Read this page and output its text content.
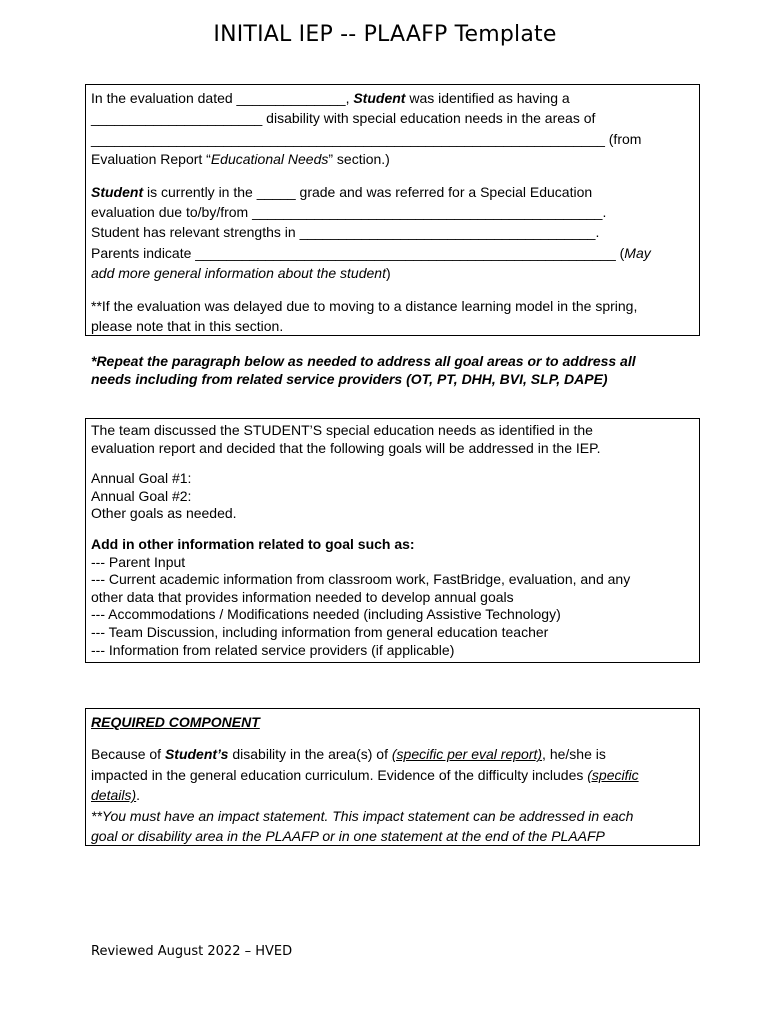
INITIAL IEP -- PLAAFP Template

In the evaluation dated ______________, Student was identified as having a
______________________ disability with special education needs in the areas of
__________________________________________________________________ (from
Evaluation Report “Educational Needs” section.)

Student is currently in the _____ grade and was referred for a Special Education
evaluation due to/by/from _____________________________________________.
Student has relevant strengths in ______________________________________.
Parents indicate ______________________________________________________ (May
add more general information about the student)

**If the evaluation was delayed due to moving to a distance learning model in the spring,
please note that in this section.

*Repeat the paragraph below as needed to address all goal areas or to address all
needs including from related service providers (OT, PT, DHH, BVI, SLP, DAPE)

The team discussed the STUDENT’S special education needs as identified in the
evaluation report and decided that the following goals will be addressed in the IEP.

Annual Goal #1:
Annual Goal #2:
Other goals as needed.

Add in other information related to goal such as:
--- Parent Input
--- Current academic information from classroom work, FastBridge, evaluation, and any
other data that provides information needed to develop annual goals
--- Accommodations / Modifications needed (including Assistive Technology)
--- Team Discussion, including information from general education teacher
--- Information from related service providers (if applicable)

REQUIRED COMPONENT

Because of Student’s disability in the area(s) of (specific per eval report), he/she is
impacted in the general education curriculum. Evidence of the difficulty includes (specific
details).
**You must have an impact statement. This impact statement can be addressed in each
goal or disability area in the PLAAFP or in one statement at the end of the PLAAFP

Reviewed August 2022 – HVED
